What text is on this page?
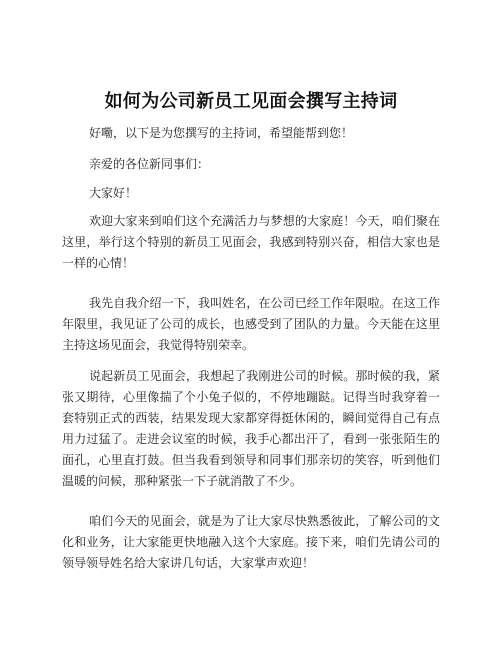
如何为公司新员工见面会撰写主持词

好嘞，以下是为您撰写的主持词，希望能帮到您！

亲爱的各位新同事们：

大家好！

欢迎大家来到咱们这个充满活力与梦想的大家庭！今天，咱们聚在这里，举行这个特别的新员工见面会，我感到特别兴奋，相信大家也是一样的心情！

我先自我介绍一下，我叫姓名，在公司已经工作年限啦。在这工作年限里，我见证了公司的成长，也感受到了团队的力量。今天能在这里主持这场见面会，我觉得特别荣幸。

说起新员工见面会，我想起了我刚进公司的时候。那时候的我，紧张又期待，心里像揣了个小兔子似的，不停地蹦跶。记得当时我穿着一套特别正式的西装，结果发现大家都穿得挺休闲的，瞬间觉得自己有点用力过猛了。走进会议室的时候，我手心都出汗了，看到一张张陌生的面孔，心里直打鼓。但当我看到领导和同事们那亲切的笑容，听到他们温暖的问候，那种紧张一下子就消散了不少。

咱们今天的见面会，就是为了让大家尽快熟悉彼此，了解公司的文化和业务，让大家能更快地融入这个大家庭。接下来，咱们先请公司的领导领导姓名给大家讲几句话，大家掌声欢迎！
